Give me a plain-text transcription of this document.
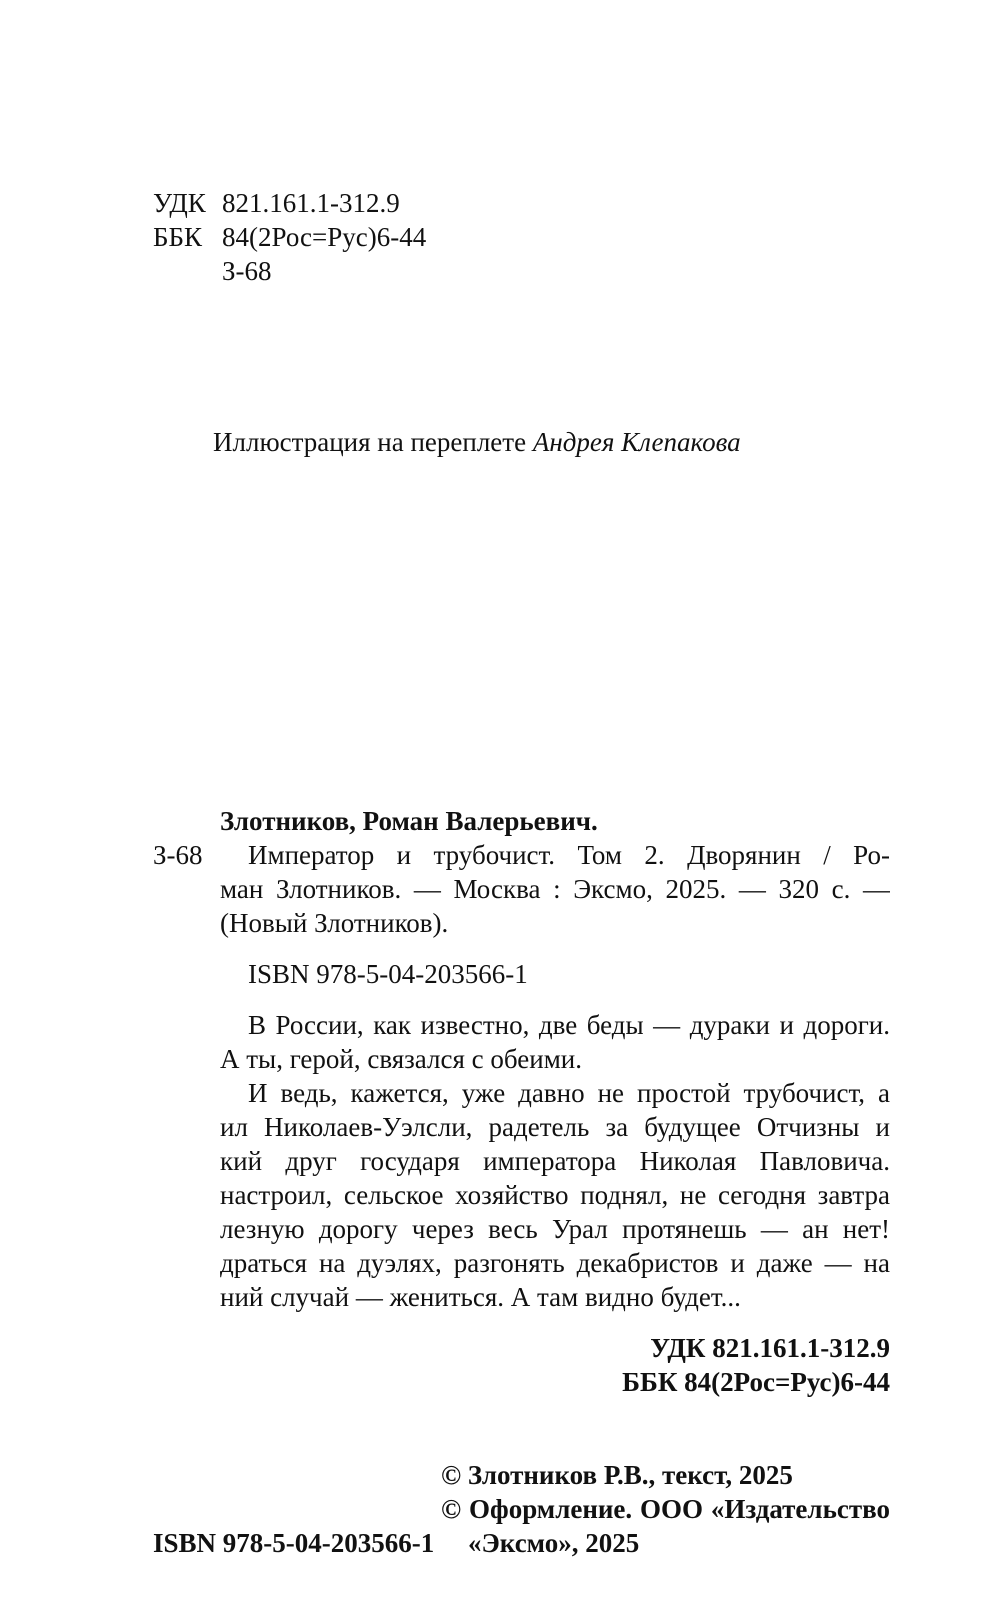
УДК 821.161.1-312.9
ББК 84(2Рос=Рус)6-44
З-68
Иллюстрация на переплете Андрея Клепакова
Злотников, Роман Валерьевич.
З-68 Император и трубочист. Том 2. Дворянин / Ро-
ман Злотников. — Москва : Эксмо, 2025. — 320 с. —
(Новый Злотников).
ISBN 978-5-04-203566-1
В России, как известно, две беды — дураки и дороги.
А ты, герой, связался с обеими.
И ведь, кажется, уже давно не простой трубочист, а
ил Николаев-Уэлсли, радетель за будущее Отчизны и
кий друг государя императора Николая Павловича.
настроил, сельское хозяйство поднял, не сегодня завтра
лезную дорогу через весь Урал протянешь — ан нет!
драться на дуэлях, разгонять декабристов и даже — на
ний случай — жениться. А там видно будет...
УДК 821.161.1-312.9
ББК 84(2Рос=Рус)6-44
© Злотников Р.В., текст, 2025
© Оформление. ООО «Издательство
ISBN 978-5-04-203566-1 «Эксмо», 2025
